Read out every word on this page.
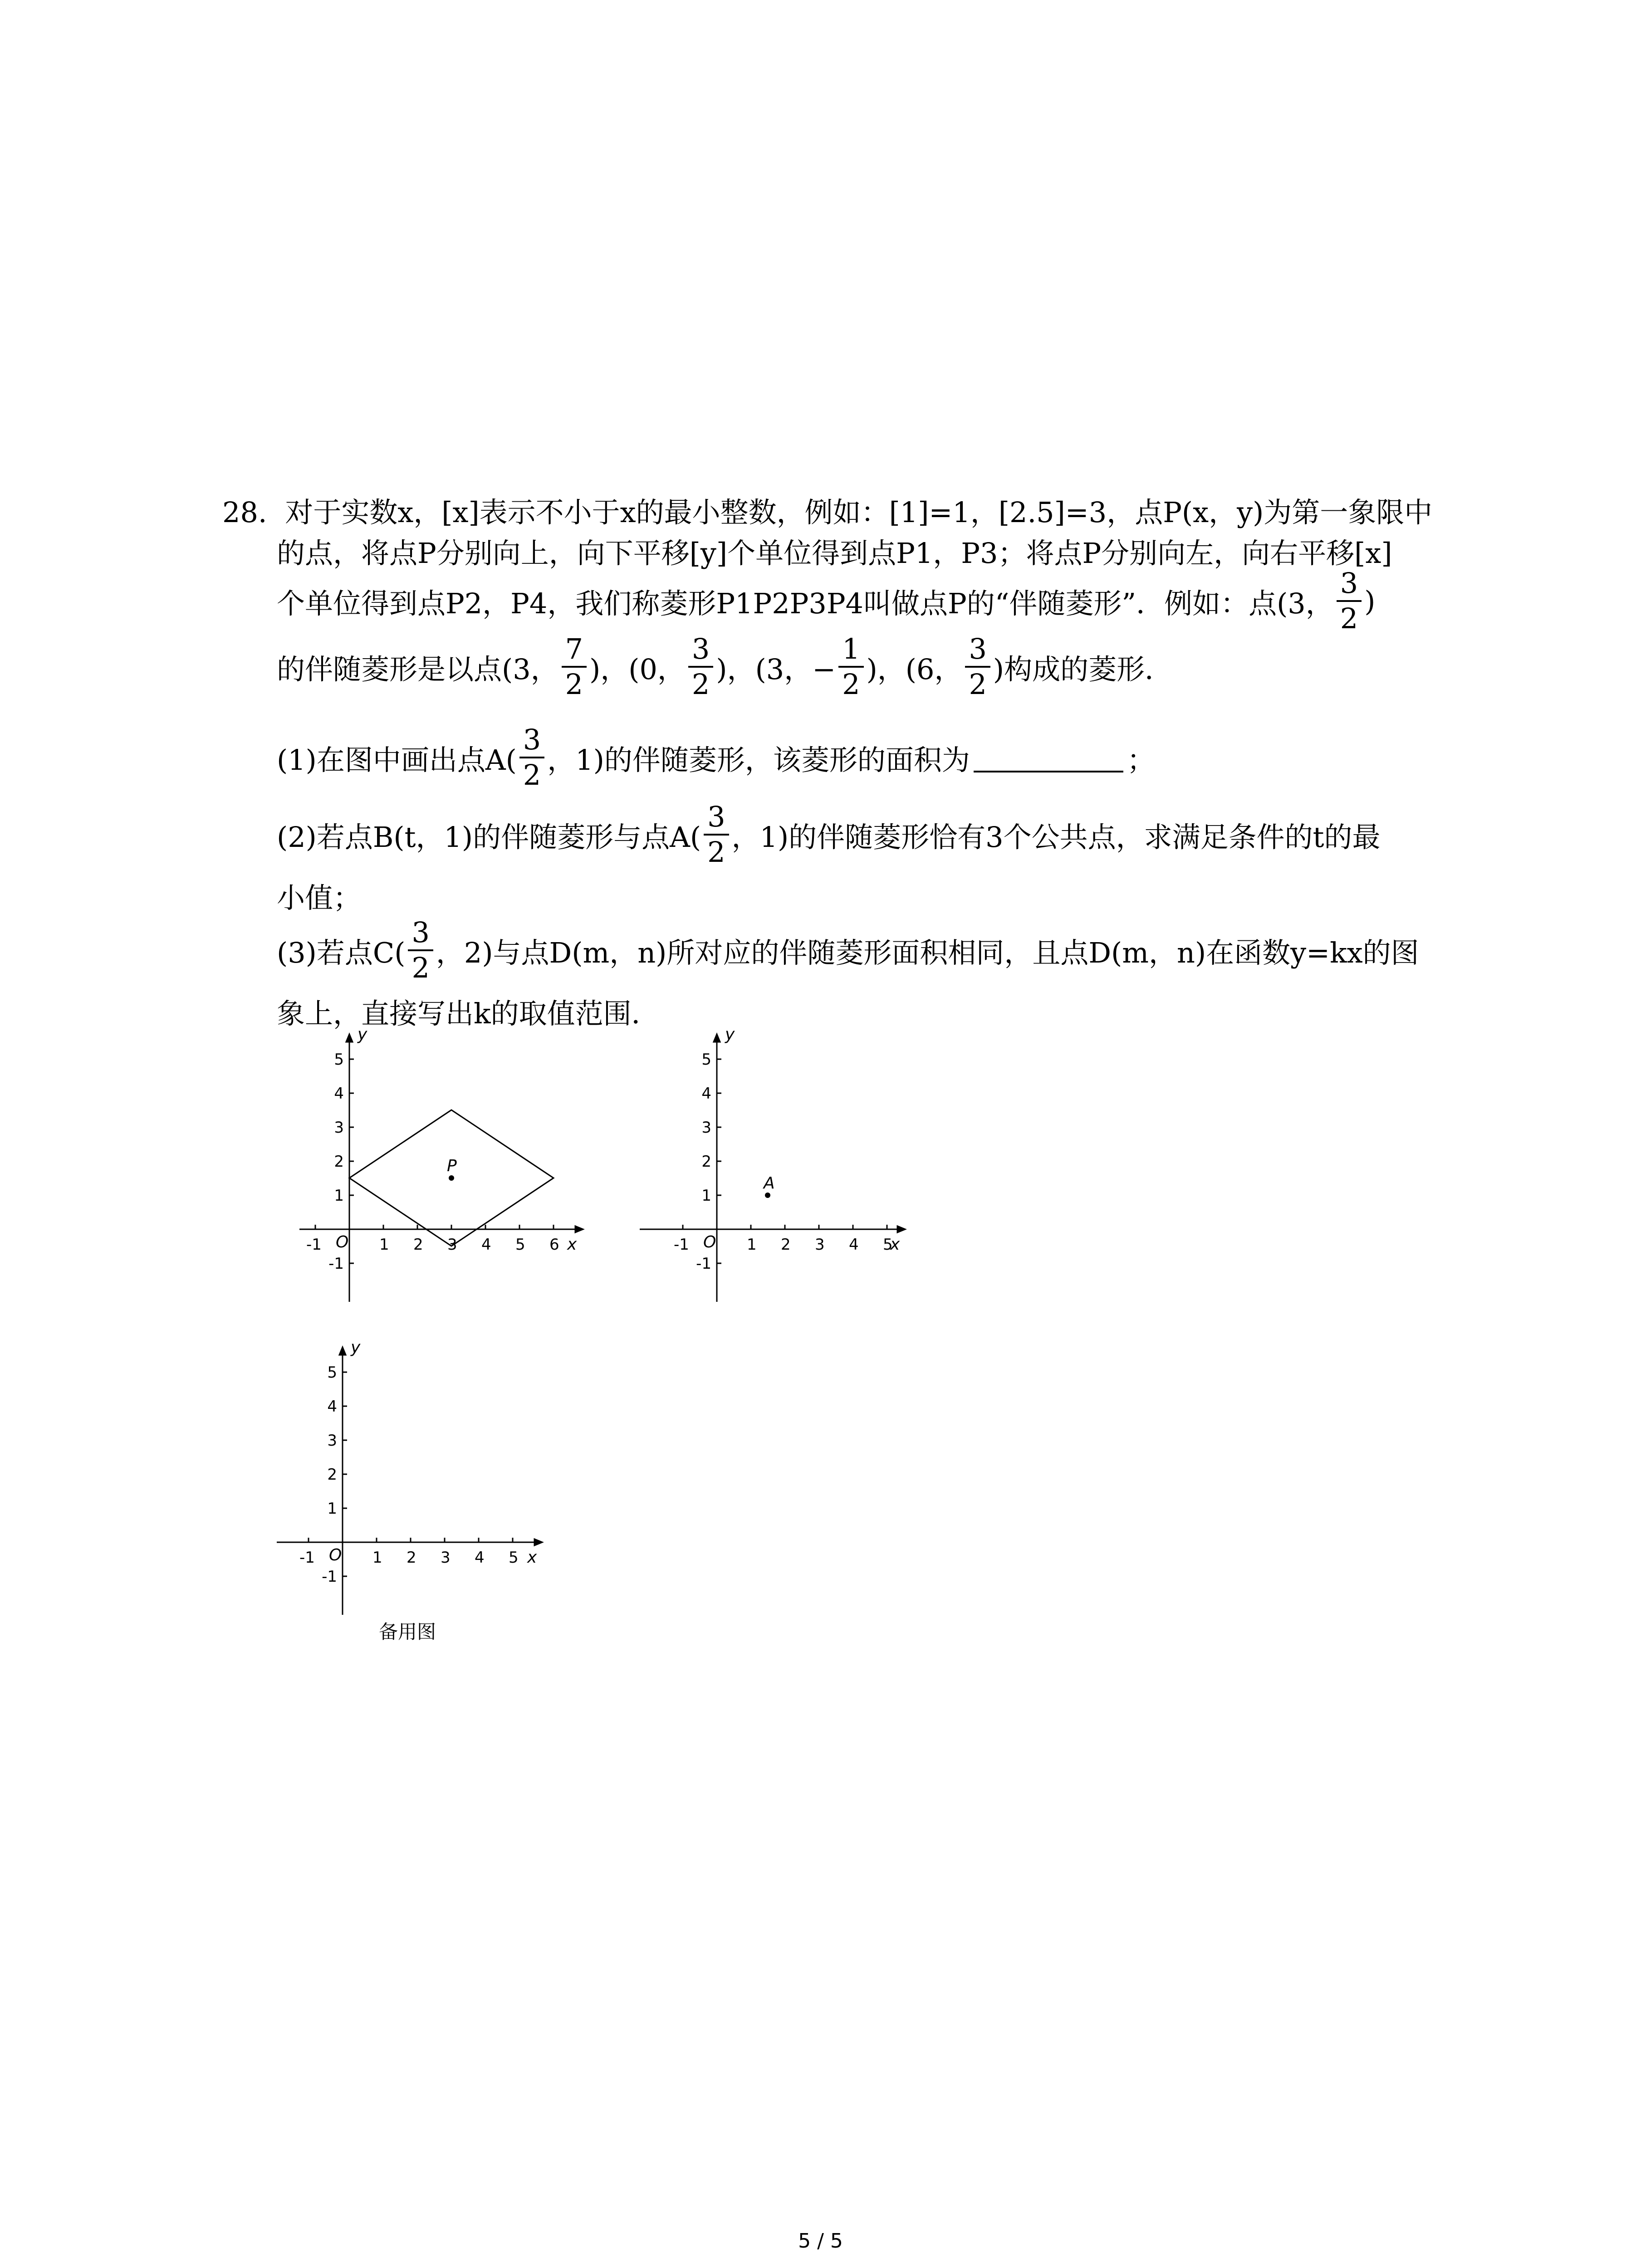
28. 对于实数x，[x]表示不小于x的最小整数，例如：[1]=1，[2.5]=3，点P(x，y)为第一象限中
的点，将点P分别向上，向下平移[y]个单位得到点P1，P3；将点P分别向左，向右平移[x]
个单位得到点P2，P4，我们称菱形P1P2P3P4叫做点P的“伴随菱形”．例如：点(3， $\frac{3}{2}$ )
的伴随菱形是以点(3， $\frac{7}{2}$ )，(0， $\frac{3}{2}$ )，(3，− $\frac{1}{2}$ )，(6， $\frac{3}{2}$ )构成的菱形．
(1)在图中画出点$A( \frac{3}{2}$ ，1)的伴随菱形，该菱形的面积为	；
(2)若点B(t，1)的伴随菱形与点$A( \frac{3}{2}$ ，1)的伴随菱形恰有3个公共点，求满足条件的t的最
小值；
(3)若点$C( \frac{3}{2}$ ，2)与点D(m，n)所对应的伴随菱形面积相同，且点D(m，n)在函数y=kx的图
象上，直接写出k的取值范围．
P
y
x
O
-1	1 2 3 4 5 6
5
4
3
2
1
-1
A
y
x
O
-1	1 2 3 4 5
5
4
3
2
1
-1
y
x
O
-1	1 2 3 4 5
5
4
3
2
1
-1
备用图
5 / 5
